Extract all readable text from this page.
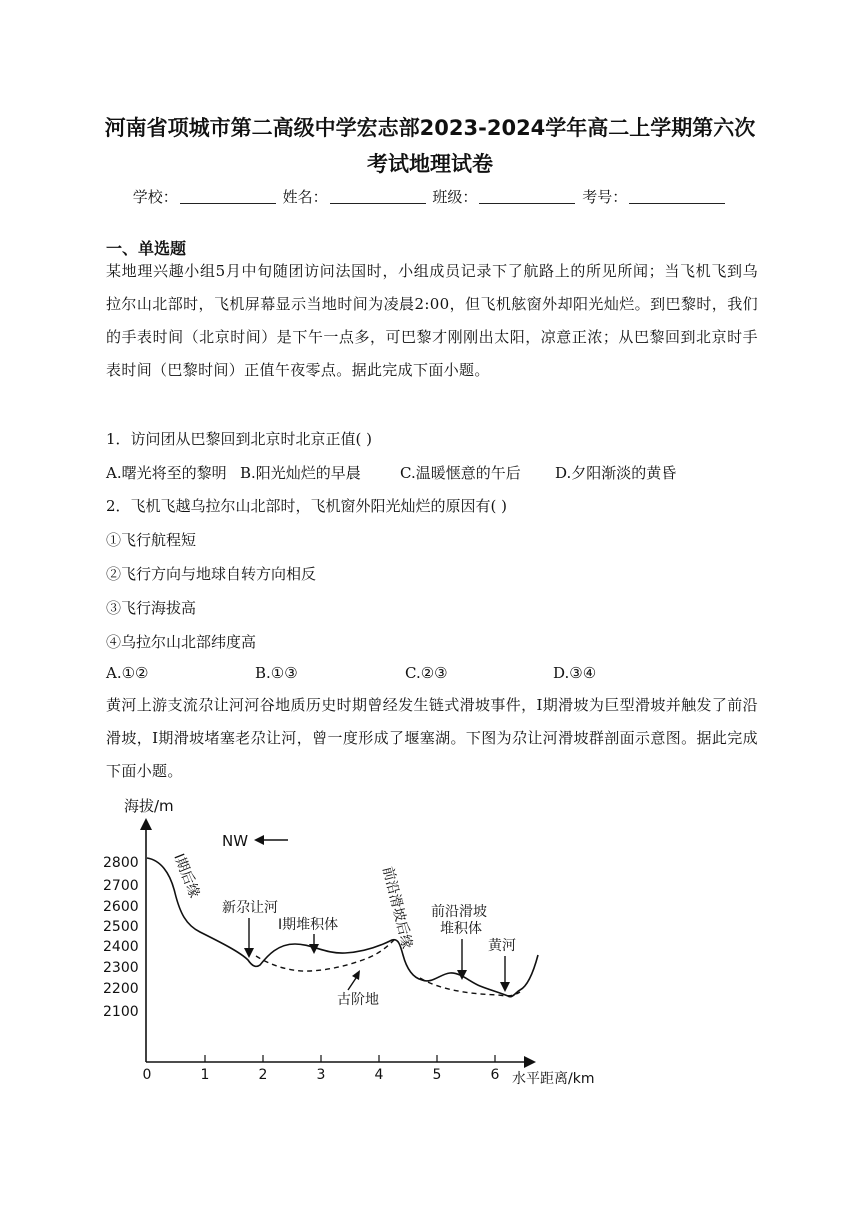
河南省项城市第二高级中学宏志部2023-2024学年高二上学期第六次
考试地理试卷
学校：	姓名：	班级：	考号：
一、单选题
某地理兴趣小组5月中旬随团访问法国时，小组成员记录下了航路上的所见所闻；当飞机飞到乌拉尔山北部时，飞机屏幕显示当地时间为凌晨2:00，但飞机舷窗外却阳光灿烂。到巴黎时，我们的手表时间（北京时间）是下午一点多，可巴黎才刚刚出太阳，凉意正浓；从巴黎回到北京时手表时间（巴黎时间）正值午夜零点。据此完成下面小题。
1．访问团从巴黎回到北京时北京正值( )
A.曙光将至的黎明 B.阳光灿烂的早晨	C.温暖惬意的午后 D.夕阳渐淡的黄昏
2．飞机飞越乌拉尔山北部时，飞机窗外阳光灿烂的原因有( )
①飞行航程短
②飞行方向与地球自转方向相反
③飞行海拔高
④乌拉尔山北部纬度高
A.①②	B.①③	C.②③	D.③④
黄河上游支流尕让河河谷地质历史时期曾经发生链式滑坡事件，I期滑坡为巨型滑坡并触发了前沿滑坡，I期滑坡堵塞老尕让河，曾一度形成了堰塞湖。下图为尕让河滑坡群剖面示意图。据此完成下面小题。
海拔/m
水平距离/km
2800
2700
2600
2500
2400
2300
2200
2100
0	1	2	3	4	5	6
NW
I期后缘
新尕让河
I期堆积体	前沿滑坡后缘 前沿滑坡
堆积体
黄河
古阶地
